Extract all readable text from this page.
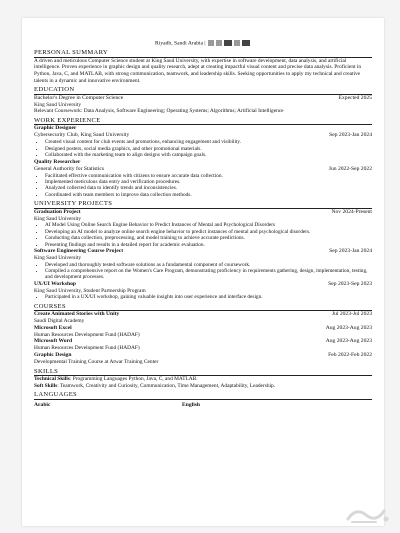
Riyadh, Saudi Arabia |
PERSONAL SUMMARY
A driven and meticulous Computer Science student at King Saud University, with expertise in software development, data analysis, and artificial intelligence. Proven experience in graphic design and quality research, adept at creating impactful visual content and precise data analysis. Proficient in Python, Java, C, and MATLAB, with strong communication, teamwork, and leadership skills. Seeking opportunities to apply my technical and creative talents in a dynamic and innovative environment.
EDUCATION
Bachelor's Degree in Computer Science	Expected 2025
King Saud University
Relevant Coursework: Data Analysis, Software Engineering; Operating Systems; Algorithms; Artificial Intelligence
WORK EXPERIENCE
Graphic Designer
Cybersecurity Club, King Saud University	Sep 2023-Jan 2024
• Created visual content for club events and promotions, enhancing engagement and visibility.
• Designed posters, social media graphics, and other promotional materials.
• Collaborated with the marketing team to align designs with campaign goals.
Quality Researcher
General Authority for Statistics	Jun 2022-Sep 2022
• Facilitated effective communication with citizens to ensure accurate data collection.
• Implemented meticulous data entry and verification procedures.
• Analyzed collected data to identify trends and inconsistencies.
• Coordinated with team members to improve data collection methods.
UNIVERSITY PROJECTS
Graduation Project	Nov 2024-Present
King Saud University
• AI Model Using Online Search Engine Behavior to Predict Instances of Mental and Psychological Disorders
• Developing an AI model to analyze online search engine behavior to predict instances of mental and psychological disorders.
• Conducting data collection, preprocessing, and model training to achieve accurate predictions.
• Presenting findings and results in a detailed report for academic evaluation.
Software Engineering Course Project	Sep 2023-Jan 2024
King Saud University
• Developed and thoroughly tested software solutions as a fundamental component of coursework.
• Compiled a comprehensive report on the Women's Care Program, demonstrating proficiency in requirements gathering, design, implementation, testing, and development processes.
UX/UI Workshop	Sep 2023-Sep 2023
King Saud University, Student Partnership Program
• Participated in a UX/UI workshop, gaining valuable insights into user experience and interface design.
COURSES
Create Animated Stories with Unity	Jul 2023-Jul 2023
Saudi Digital Academy
Microsoft Excel	Aug 2023-Aug 2023
Human Resources Development Fund (HADAF)
Microsoft Word	Aug 2023-Aug 2023
Human Resources Development Fund (HADAF)
Graphic Design	Feb 2022-Feb 2022
Developmental Training Course at Atwar Training Center
SKILLS
Technical Skills: Programming Languages Python, Java, C, and MATLAB.
Soft Skills: Teamwork, Creativity and Curiosity, Communication, Time Management, Adaptability, Leadership.
LANGUAGES
Arabic	English
